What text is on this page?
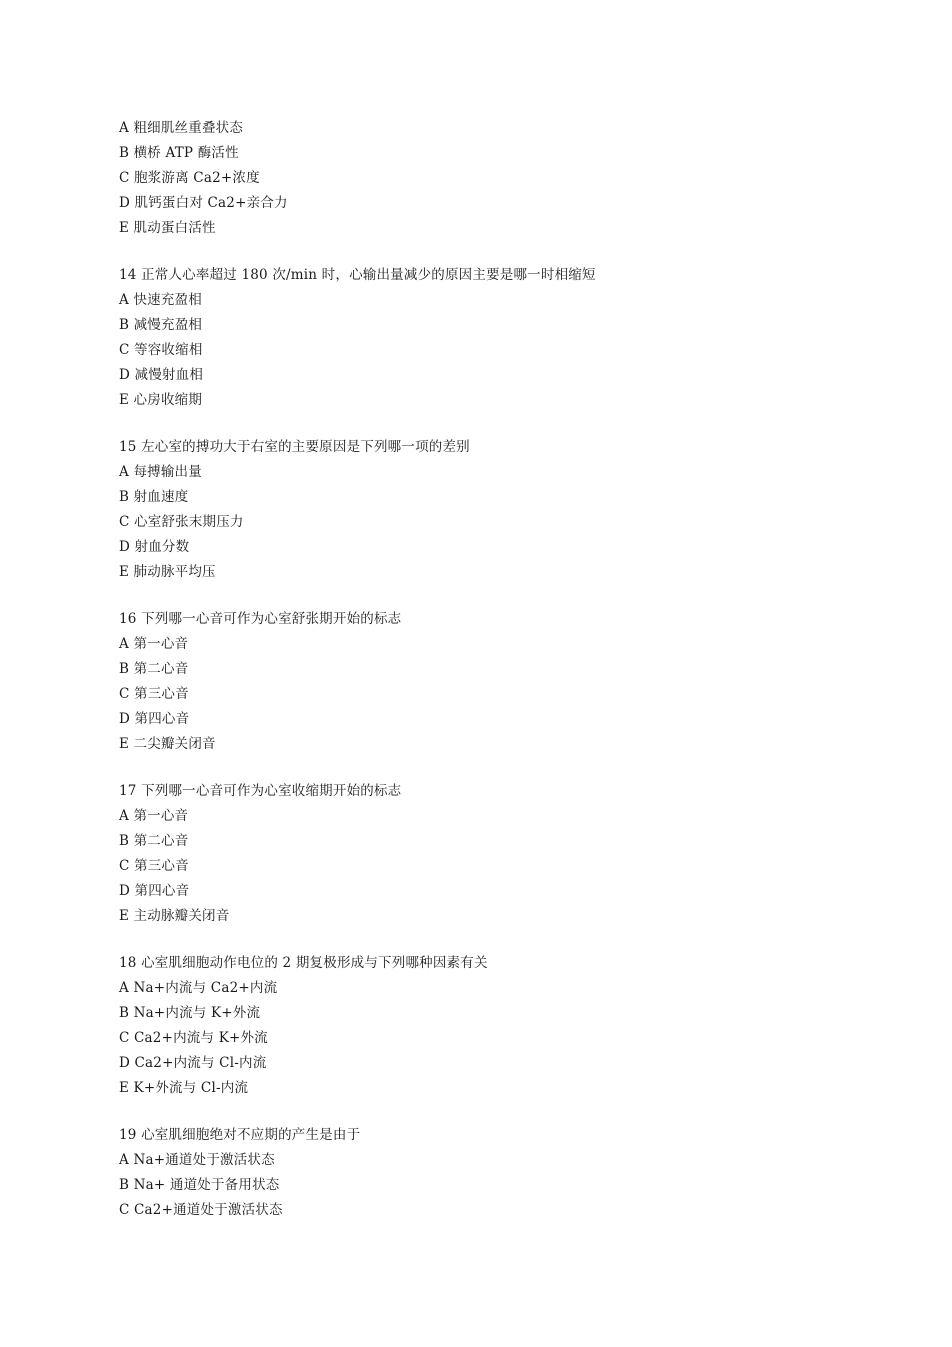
A 粗细肌丝重叠状态
B 横桥 ATP 酶活性
C 胞浆游离 Ca2+浓度
D 肌钙蛋白对 Ca2+亲合力
E 肌动蛋白活性
14 正常人心率超过 180 次/min 时，心输出量减少的原因主要是哪一时相缩短
A 快速充盈相
B 减慢充盈相
C 等容收缩相
D 减慢射血相
E 心房收缩期
15 左心室的搏功大于右室的主要原因是下列哪一项的差别
A 每搏输出量
B 射血速度
C 心室舒张末期压力
D 射血分数
E 肺动脉平均压
16 下列哪一心音可作为心室舒张期开始的标志
A 第一心音
B 第二心音
C 第三心音
D 第四心音
E 二尖瓣关闭音
17 下列哪一心音可作为心室收缩期开始的标志
A 第一心音
B 第二心音
C 第三心音
D 第四心音
E 主动脉瓣关闭音
18 心室肌细胞动作电位的 2 期复极形成与下列哪种因素有关
A Na+内流与 Ca2+内流
B Na+内流与 K+外流
C Ca2+内流与 K+外流
D Ca2+内流与 Cl-内流
E K+外流与 Cl-内流
19 心室肌细胞绝对不应期的产生是由于
A Na+通道处于激活状态
B Na+ 通道处于备用状态
C Ca2+通道处于激活状态
